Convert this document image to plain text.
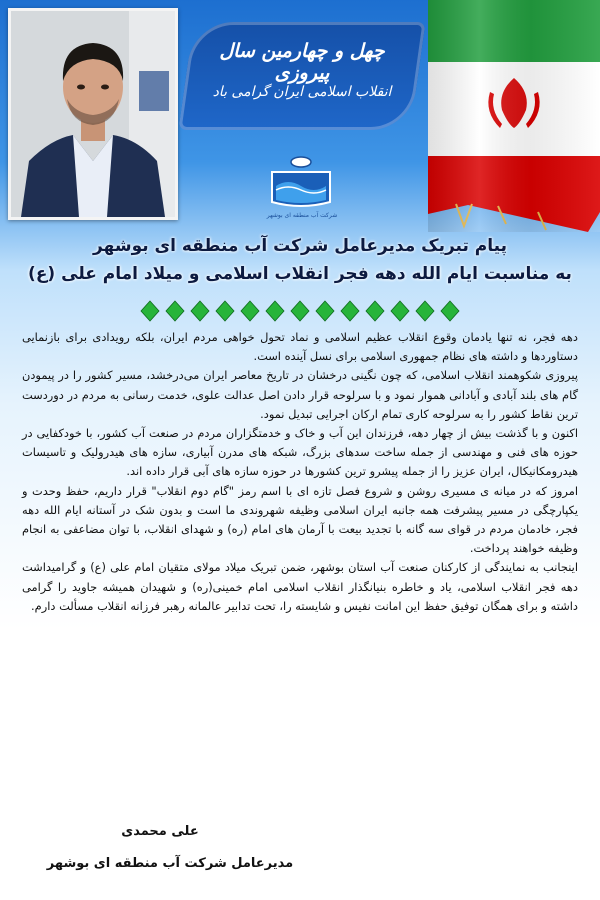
چهل و چهارمین سال پیروزی
انقلاب اسلامی ایران گرامی باد
شرکت آب منطقه ای بوشهر
پیام تبریک مدیرعامل شرکت آب منطقه ای بوشهر
به مناسبت ایام الله دهه فجر انقلاب اسلامی و میلاد امام علی (ع)

دهه فجر، نه تنها یادمان وقوع انقلاب عظیم اسلامی و نماد تحول خواهی مردم ایران، بلکه رویدادی برای بازنمایی دستاوردها و داشته های نظام جمهوری اسلامی برای نسل آینده است.

پیروزی شکوهمند انقلاب اسلامی، که چون نگینی درخشان در تاریخ معاصر ایران می‌درخشد، مسیر کشور را در پیمودن گام های بلند آبادی و آبادانی هموار نمود و با سرلوحه قرار دادن اصل عدالت علوی، خدمت رسانی به مردم در دوردست ترین نقاط کشور را به سرلوحه کاری تمام ارکان اجرایی تبدیل نمود.

اکنون و با گذشت بیش از چهار دهه، فرزندان این آب و خاک و خدمتگزاران مردم در صنعت آب کشور، با خودکفایی در حوزه های فنی و مهندسی از جمله ساخت سدهای بزرگ، شبکه های مدرن آبیاری، سازه های هیدرولیک و تاسیسات هیدرومکانیکال، ایران عزیز را از جمله پیشرو ترین کشورها در حوزه سازه های آبی قرار داده اند.

امروز که در میانه ی مسیری روشن و شروع فصل تازه ای با اسم رمز "گام دوم انقلاب" قرار داریم، حفظ وحدت و یکپارچگی در مسیر پیشرفت همه جانبه ایران اسلامی وظیفه شهروندی ما است و بدون شک در آستانه ایام الله دهه فجر، خادمان مردم در قوای سه گانه با تجدید بیعت با آرمان های امام (ره) و شهدای انقلاب، با توان مضاعفی به انجام وظیفه خواهند پرداخت.

اینجانب به نمایندگی از کارکنان صنعت آب استان بوشهر، ضمن تبریک میلاد مولای متقیان امام علی (ع) و گرامیداشت دهه فجر انقلاب اسلامی، یاد و خاطره بنیانگذار انقلاب اسلامی امام خمینی(ره) و شهیدان همیشه جاوید را گرامی داشته و برای همگان توفیق حفظ این امانت نفیس و شایسته را، تحت تدابیر عالمانه رهبر فرزانه انقلاب مسألت دارم.

علی محمدی
مدیرعامل شرکت آب منطقه ای بوشهر
